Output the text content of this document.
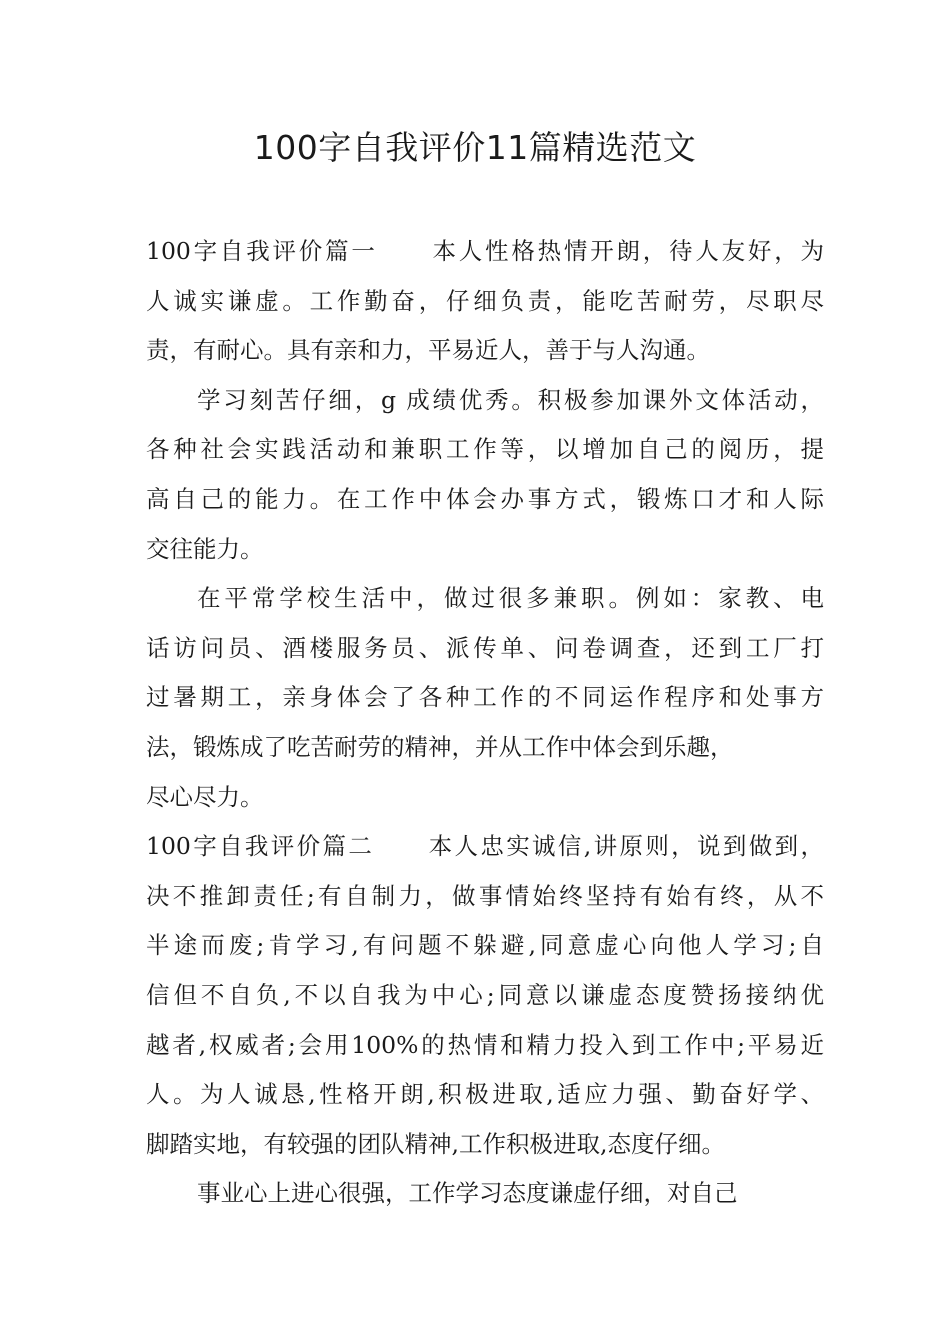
100字自我评价11篇精选范文
100字自我评价篇一 本人性格热情开朗，待人友好，为
人诚实谦虚。工作勤奋，仔细负责，能吃苦耐劳，尽职尽
责，有耐心。具有亲和力，平易近人，善于与人沟通。
学习刻苦仔细，g 成绩优秀。积极参加课外文体活动，
各种社会实践活动和兼职工作等，以增加自己的阅历，提
高自己的能力。在工作中体会办事方式，锻炼口才和人际
交往能力。
在平常学校生活中，做过很多兼职。例如：家教、电
话访问员、酒楼服务员、派传单、问卷调查，还到工厂打
过暑期工，亲身体会了各种工作的不同运作程序和处事方
法，锻炼成了吃苦耐劳的精神，并从工作中体会到乐趣，
尽心尽力。
100字自我评价篇二 本人忠实诚信,讲原则，说到做到，
决不推卸责任;有自制力，做事情始终坚持有始有终，从不
半途而废;肯学习,有问题不躲避,同意虚心向他人学习;自
信但不自负,不以自我为中心;同意以谦虚态度赞扬接纳优
越者,权威者;会用100%的热情和精力投入到工作中;平易近
人。为人诚恳,性格开朗,积极进取,适应力强、勤奋好学、
脚踏实地，有较强的团队精神,工作积极进取,态度仔细。
事业心上进心很强，工作学习态度谦虚仔细，对自己
